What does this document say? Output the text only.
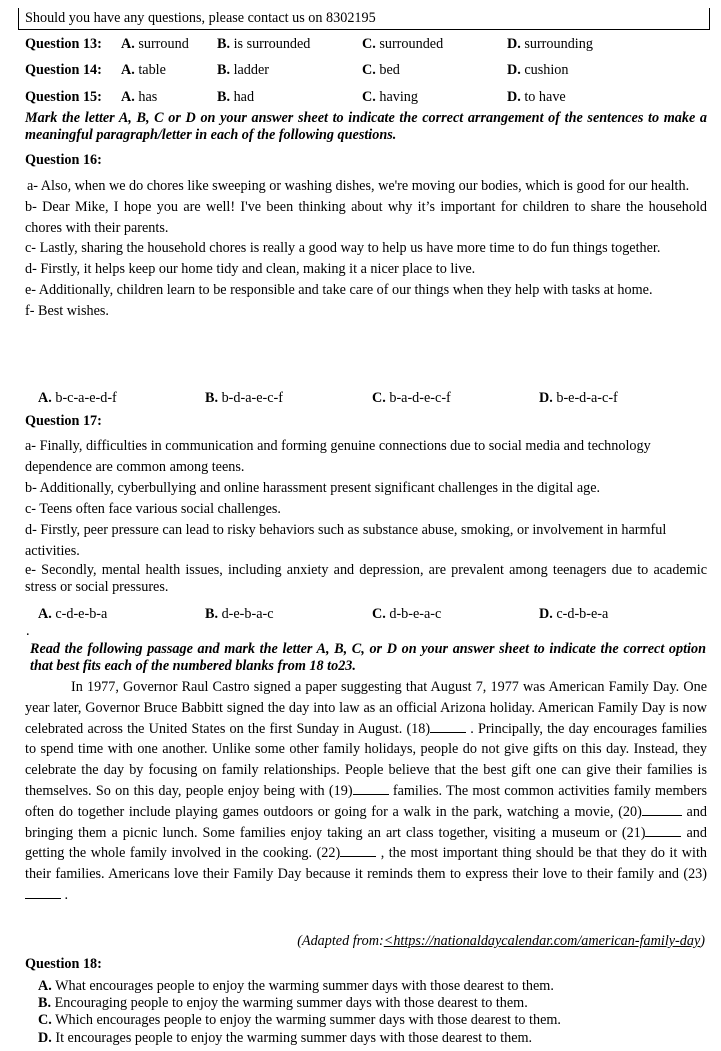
Should you have any questions, please contact us on 8302195
Question 13:	A. surround	B. is surrounded	C. surrounded	D. surrounding
Question 14:	A. table	B. ladder	C. bed	D. cushion
Question 15:	A. has	B. had	C. having	D. to have
Mark the letter A, B, C or D on your answer sheet to indicate the correct arrangement of the sentences to make a meaningful paragraph/letter in each of the following questions.
Question 16:
a- Also, when we do chores like sweeping or washing dishes, we're moving our bodies, which is good for our health.
b- Dear Mike, I hope you are well! I've been thinking about why it’s important for children to share the household chores with their parents.
c- Lastly, sharing the household chores is really a good way to help us have more time to do fun things together.
d- Firstly, it helps keep our home tidy and clean, making it a nicer place to live.
e- Additionally, children learn to be responsible and take care of our things when they help with tasks at home.
f- Best wishes.
A. b-c-a-e-d-f	B. b-d-a-e-c-f	C. b-a-d-e-c-f	D. b-e-d-a-c-f
Question 17:
a- Finally, difficulties in communication and forming genuine connections due to social media and technology dependence are common among teens.
b- Additionally, cyberbullying and online harassment present significant challenges in the digital age.
c- Teens often face various social challenges.
d- Firstly, peer pressure can lead to risky behaviors such as substance abuse, smoking, or involvement in harmful activities.
e- Secondly, mental health issues, including anxiety and depression, are prevalent among teenagers due to academic stress or social pressures.
A. c-d-e-b-a	B. d-e-b-a-c	C. d-b-e-a-c	D. c-d-b-e-a
.
Read the following passage and mark the letter A, B, C, or D on your answer sheet to indicate the correct option that best fits each of the numbered blanks from 18 to23.
In 1977, Governor Raul Castro signed a paper suggesting that August 7, 1977 was American Family Day. One year later, Governor Bruce Babbitt signed the day into law as an official Arizona holiday. American Family Day is now celebrated across the United States on the first Sunday in August. (18)	. Principally, the day encourages families to spend time with one another. Unlike some other family holidays, people do not give gifts on this day. Instead, they celebrate the day by focusing on family relationships. People believe that the best gift one can give their families is themselves. So on this day, people enjoy being with (19)	families. The most common activities family members often do together include playing games outdoors or going for a walk in the park, watching a movie, (20)	and bringing them a picnic lunch. Some families enjoy taking an art class together, visiting a museum or (21)	and getting the whole family involved in the cooking. (22)	, the most important thing should be that they do it with their families. Americans love their Family Day because it reminds them to express their love to their family and (23) .
(Adapted from:<https://nationaldaycalendar.com/american-family-day)
Question 18:
A. What encourages people to enjoy the warming summer days with those dearest to them.
B. Encouraging people to enjoy the warming summer days with those dearest to them.
C. Which encourages people to enjoy the warming summer days with those dearest to them.
D. It encourages people to enjoy the warming summer days with those dearest to them.
